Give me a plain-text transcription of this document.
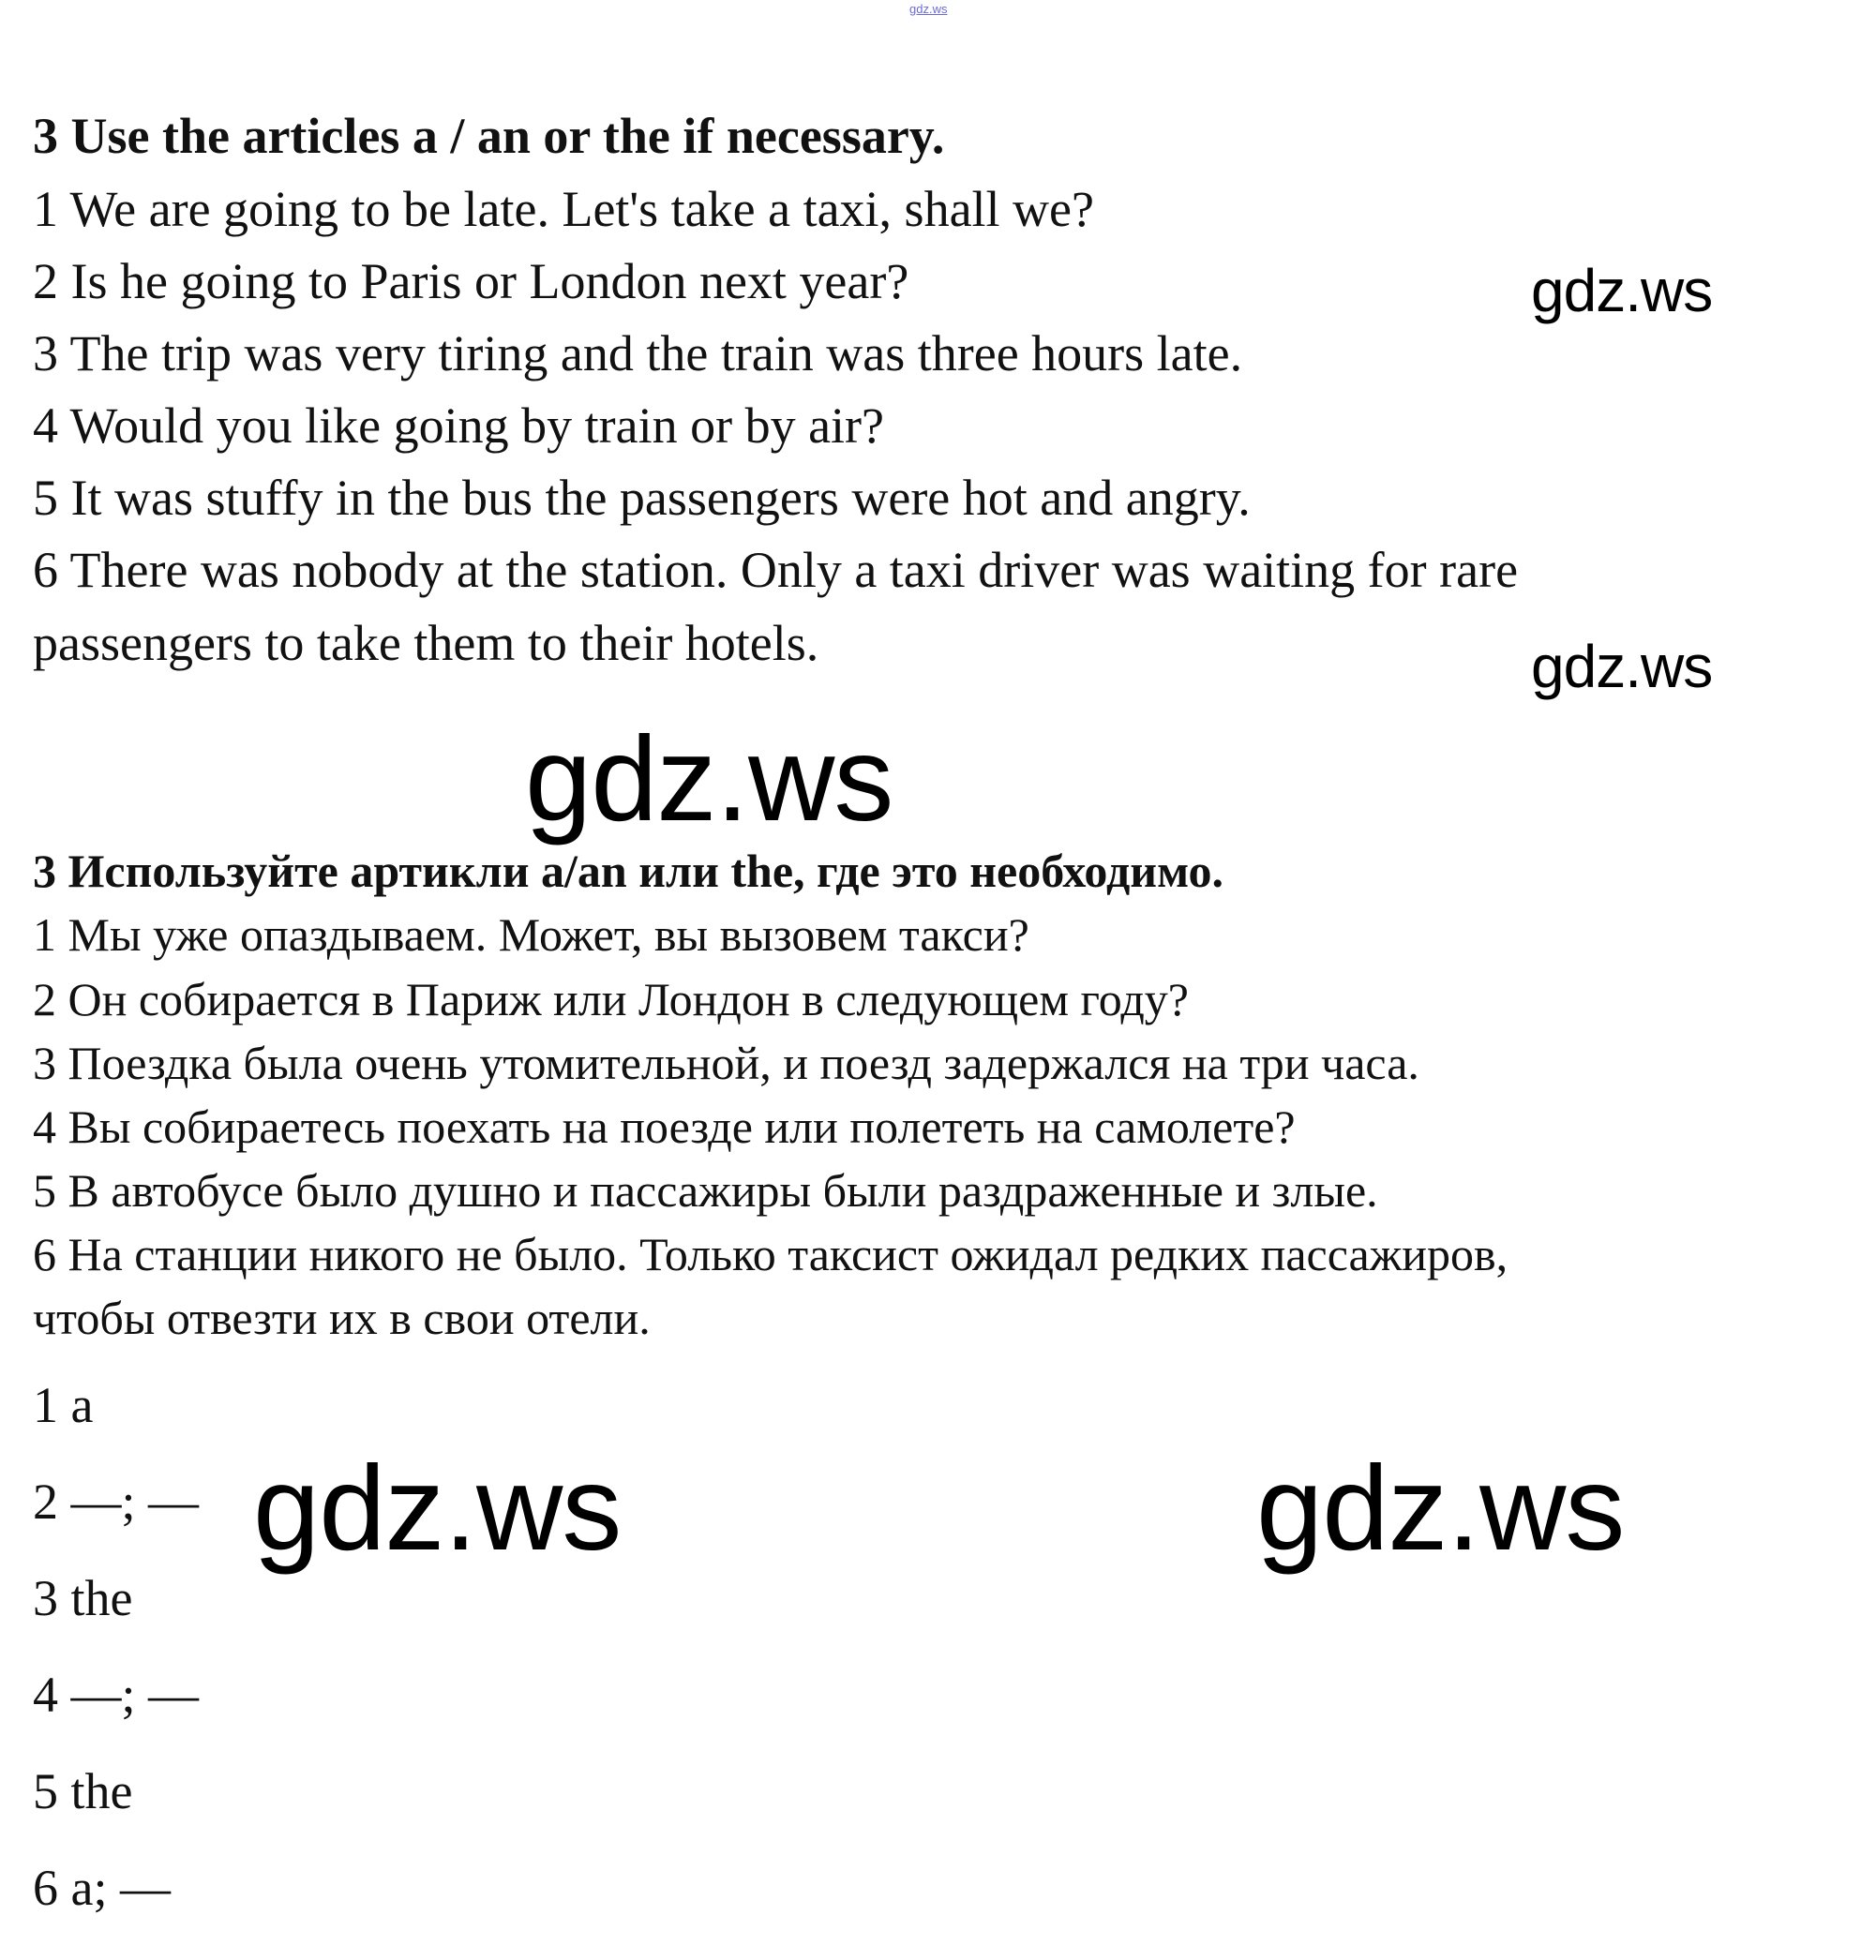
gdz.ws
3 Use the articles a / an or the if necessary.
1 We are going to be late. Let's take a taxi, shall we?
2 Is he going to Paris or London next year?
3 The trip was very tiring and the train was three hours late.
4 Would you like going by train or by air?
5 It was stuffy in the bus the passengers were hot and angry.
6 There was nobody at the station. Only a taxi driver was waiting for rare
passengers to take them to their hotels.
3 Используйте артикли a/an или the, где это необходимо.
1 Мы уже опаздываем. Может, вы вызовем такси?
2 Он собирается в Париж или Лондон в следующем году?
3 Поездка была очень утомительной, и поезд задержался на три часа.
4 Вы собираетесь поехать на поезде или полететь на самолете?
5 В автобусе было душно и пассажиры были раздраженные и злые.
6 На станции никого не было. Только таксист ожидал редких пассажиров,
чтобы отвезти их в свои отели.
1 a
2 —; —
3 the
4 —; —
5 the
6 a; —
gdz.ws
gdz.ws
gdz.ws
gdz.ws	gdz.ws
